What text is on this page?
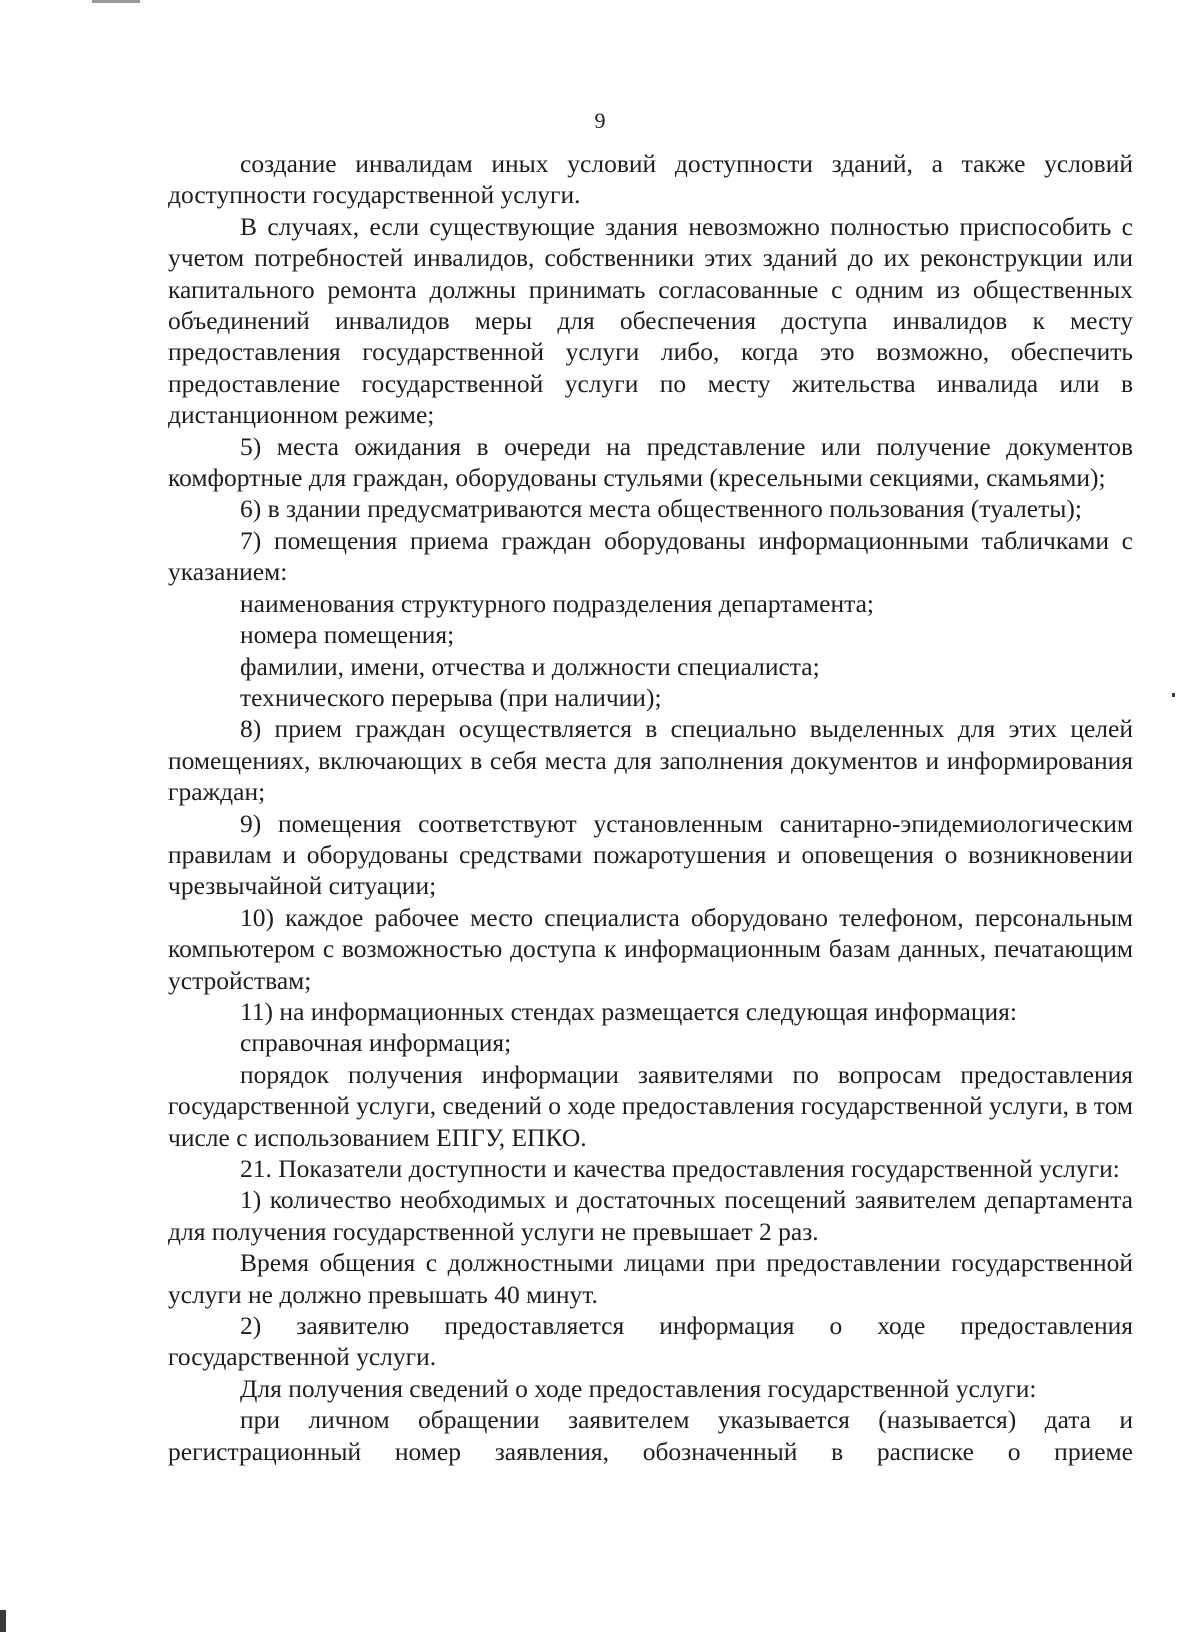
9

создание инвалидам иных условий доступности зданий, а также условий доступности государственной услуги.

В случаях, если существующие здания невозможно полностью приспособить с учетом потребностей инвалидов, собственники этих зданий до их реконструкции или капитального ремонта должны принимать согласованные с одним из общественных объединений инвалидов меры для обеспечения доступа инвалидов к месту предоставления государственной услуги либо, когда это возможно, обеспечить предоставление государственной услуги по месту жительства инвалида или в дистанционном режиме;

5) места ожидания в очереди на представление или получение документов комфортные для граждан, оборудованы стульями (кресельными секциями, скамьями);

6) в здании предусматриваются места общественного пользования (туалеты);

7) помещения приема граждан оборудованы информационными табличками с указанием:

наименования структурного подразделения департамента;

номера помещения;

фамилии, имени, отчества и должности специалиста;

технического перерыва (при наличии);

8) прием граждан осуществляется в специально выделенных для этих целей помещениях, включающих в себя места для заполнения документов и информирования граждан;

9) помещения соответствуют установленным санитарно-эпидемиологическим правилам и оборудованы средствами пожаротушения и оповещения о возникновении чрезвычайной ситуации;

10) каждое рабочее место специалиста оборудовано телефоном, персональным компьютером с возможностью доступа к информационным базам данных, печатающим устройствам;

11) на информационных стендах размещается следующая информация:

справочная информация;

порядок получения информации заявителями по вопросам предоставления государственной услуги, сведений о ходе предоставления государственной услуги, в том числе с использованием ЕПГУ, ЕПКО.

21. Показатели доступности и качества предоставления государственной услуги:

1) количество необходимых и достаточных посещений заявителем департамента для получения государственной услуги не превышает 2 раз.

Время общения с должностными лицами при предоставлении государственной услуги не должно превышать 40 минут.

2) заявителю предоставляется информация о ходе предоставления государственной услуги.

Для получения сведений о ходе предоставления государственной услуги:

при личном обращении заявителем указывается (называется) дата и регистрационный номер заявления, обозначенный в расписке о приеме
